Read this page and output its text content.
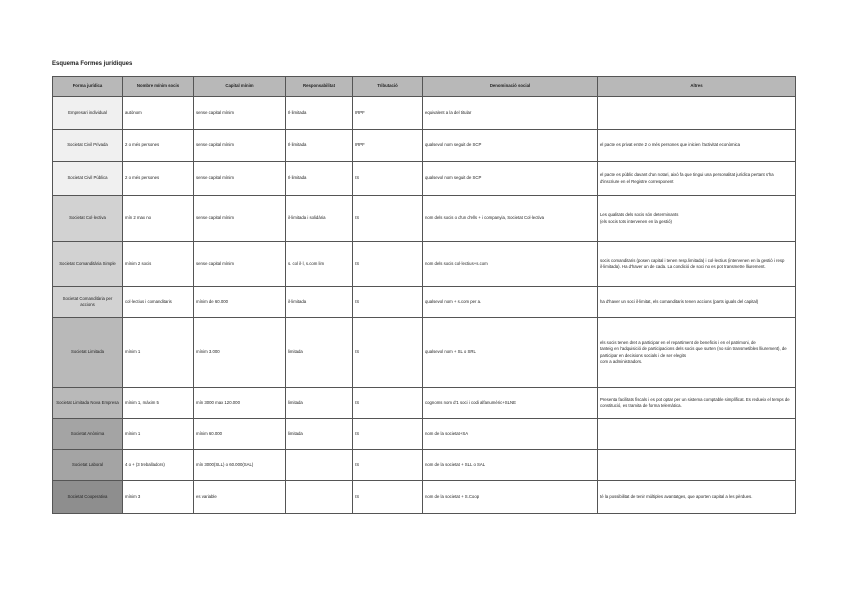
Esquema Formes jurídiques
Forma jurídica	Nombre mínim socis	Capital mínim	Responsabilitat	Tributació	Denominació social	Altres
Empresari individual	autònom	sense capital mínim	Il·limitada	IRPF	equivalent a la del titular	
Societat Civil Privada	2 o més persones	sense capital mínim	Il·limitada	IRPF	qualsevol nom seguit de SCP	el pacte es privat entre 2 o més persones que inicien l'activitat econòmica
Societat Civil Pública	2 o més persones	sense capital mínim	Il·limitada	IS	qualsevol nom seguit de SCP	el pacte es públic davant d'un notari, això fa que tingui una personalitat jurídica pertant s'ha d'inscriure en el Registre corresponent
Societat Col·lectiva	mín 2 max no	sense capital mínim	il·limitada i solidària	IS	nom dels socis o d'un d'ells + i companyia, Societat Col·lectiva	Les qualitats dels socis són determinants
(els socis tots intervenen en la gestió)
Societat Comanditària Simple	mínim 2 socis	sense capital mínim	s. col il·l, s.com lim	IS	nom dels socis col·lectius+s.com	socis comanditaris (posen capital i tenen resp.limitada) i col·lectius (intervenen en la gestió i resp il·limitada). Ha d'haver un de cada. La condició de soci no es pot transmetre lliurement.
Societat Comanditària per accions	col·lectius i comanditaris	mínim de 60.000	il·limitada	IS	qualsevol nom + s.com per a.	ha d'haver un soci il·limitat, els comanditaris tenen accions (parts iguals del capital)
Societat Limitada	mínim 1	mínim 3.000	limitada	IS	qualsevol nom + SL o SRL	els socis tenen dret a participar en el repartiment de beneficis i en el patrimoni, de
tanteig en l'adquisició de participacions dels socis que surten (no són transmetibles lliurement), de participar en decisions socials i de ser elegits
com a administradors.
Societat Limitada Nova Empresa	mínim 1, màxim 5	mín 3000 max 120.000	limitada	IS	cognoms nom d'1 soci i codi alfanumèric+SLNE	Presenta facilitats fiscals i es pot optar per un sistema comptable simplificat. Es redueix el temps de constitució, es tramita de forma telemàtica.
Societat Anònima	mínim 1	mínim 60.000	limitada	IS	nom de la societat+SA	
Societat Laboral	4 o + (3 treballadors)	mín 3000(SLL) o 60.000(SAL)		IS	nom de la societat + SLL o SAL	
Societat Cooperativa	mínim 3	es variable		IS	nom de la societat + S.Coop	té la possibilitat de tenir múltiples avantatges, que aporten capital a les pèrdues.
